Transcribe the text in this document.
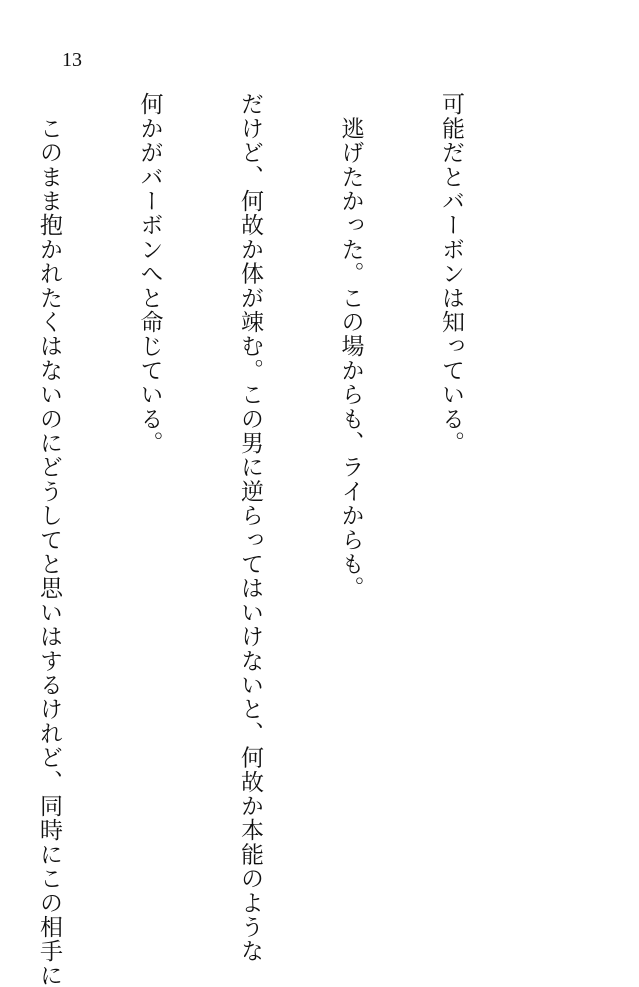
13

可能だとバーボンは知っている。

　逃げたかった。この場からも、ライからも。

だけど、何故か体が竦む。この男に逆らってはいけないと、何故か本能のような

何かがバーボンへと命じている。

　このまま抱かれたくはないのにどうしてと思いはするけれど、同時にこの相手に
